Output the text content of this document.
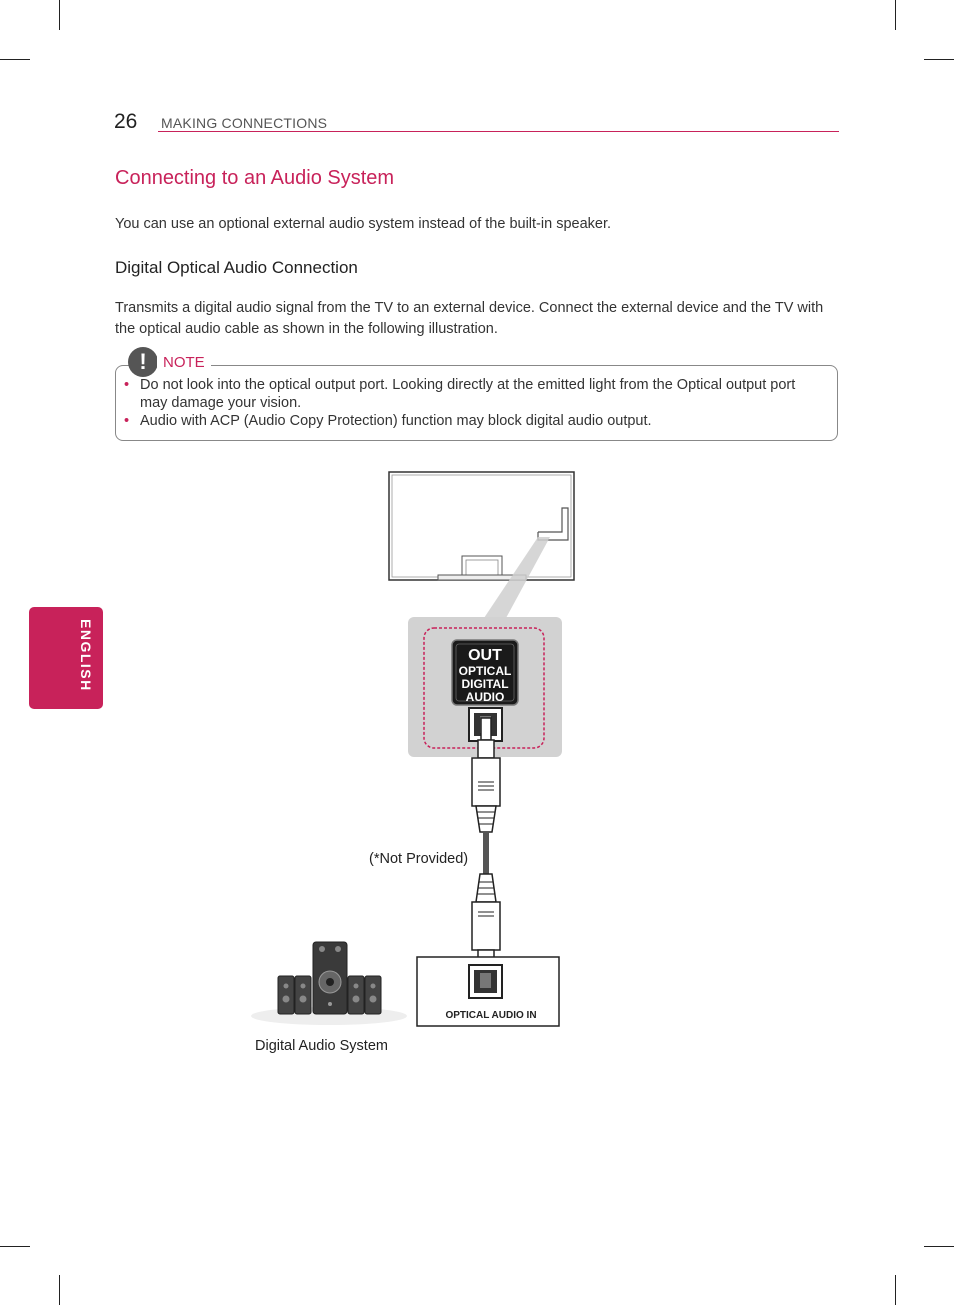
26 MAKING CONNECTIONS
ENGLISH
Connecting to an Audio System
You can use an optional external audio system instead of the built-in speaker.
Digital Optical Audio Connection
Transmits a digital audio signal from the TV to an external device. Connect the external device and the TV with the optical audio cable as shown in the following illustration.
!	NOTE
• Do not look into the optical output port. Looking directly at the emitted light from the Optical output port may damage your vision.
• Audio with ACP (Audio Copy Protection) function may block digital audio output.
OUT
OPTICAL
DIGITAL
AUDIO
OPTICAL AUDIO IN
(*Not Provided)
Digital Audio System
